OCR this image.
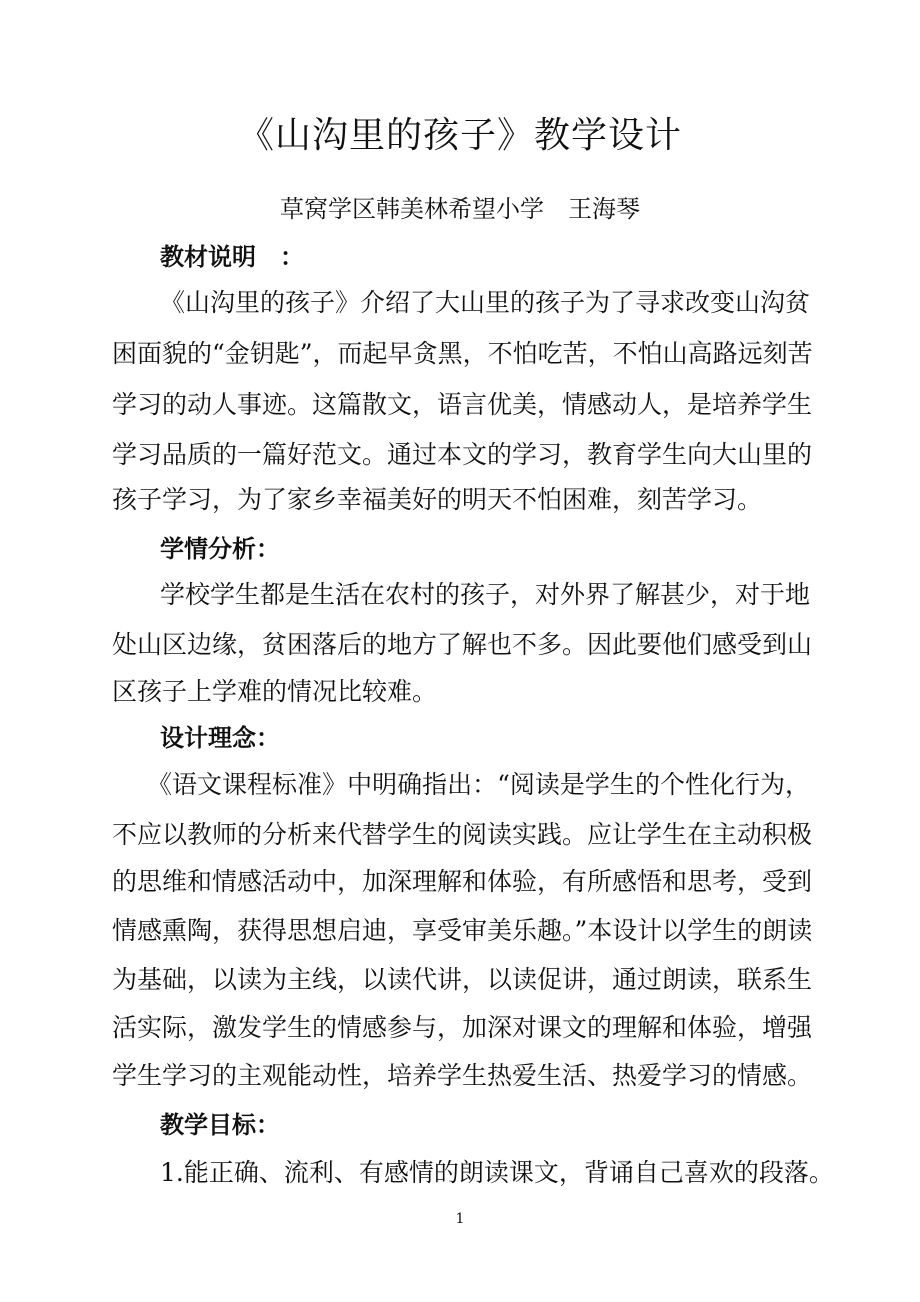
《山沟里的孩子》教学设计

草窝学区韩美林希望小学　王海琴

教材说明　：

《山沟里的孩子》介绍了大山里的孩子为了寻求改变山沟贫
困面貌的“金钥匙”，而起早贪黑，不怕吃苦，不怕山高路远刻苦
学习的动人事迹。这篇散文，语言优美，情感动人，是培养学生
学习品质的一篇好范文。通过本文的学习，教育学生向大山里的
孩子学习，为了家乡幸福美好的明天不怕困难，刻苦学习。

学情分析：

学校学生都是生活在农村的孩子，对外界了解甚少，对于地
处山区边缘，贫困落后的地方了解也不多。因此要他们感受到山
区孩子上学难的情况比较难。

设计理念：

《语文课程标准》中明确指出：“阅读是学生的个性化行为，
不应以教师的分析来代替学生的阅读实践。应让学生在主动积极
的思维和情感活动中，加深理解和体验，有所感悟和思考，受到
情感熏陶，获得思想启迪，享受审美乐趣。”本设计以学生的朗读
为基础，以读为主线，以读代讲，以读促讲，通过朗读，联系生
活实际，激发学生的情感参与，加深对课文的理解和体验，增强
学生学习的主观能动性，培养学生热爱生活、热爱学习的情感。

教学目标：

1.能正确、流利、有感情的朗读课文，背诵自己喜欢的段落。

1
